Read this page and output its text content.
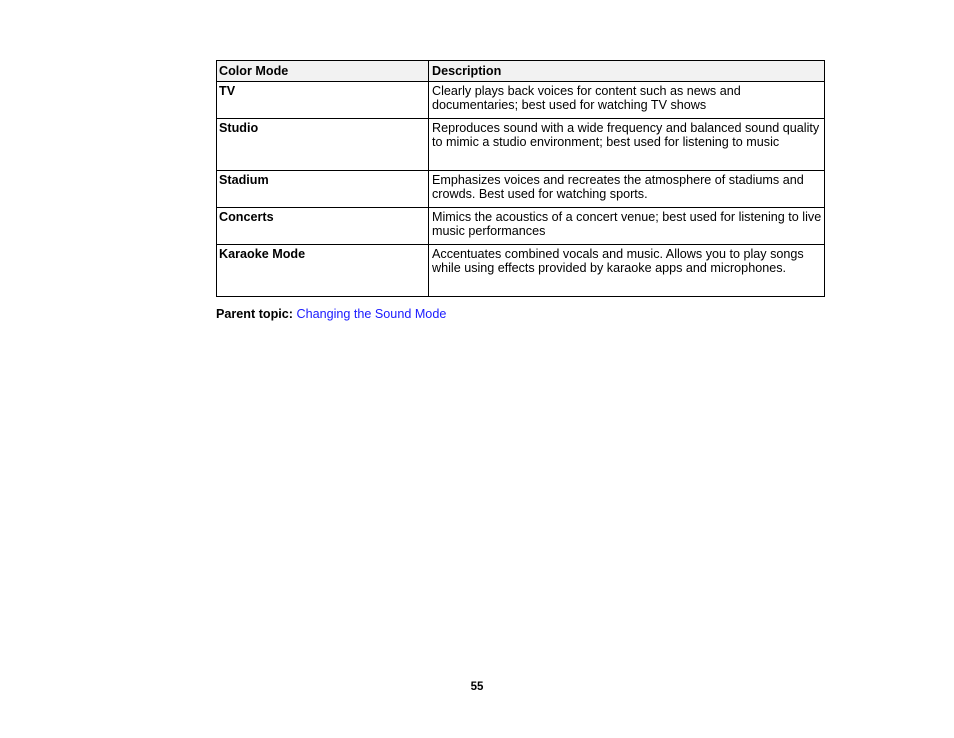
Color Mode	Description
TV	Clearly plays back voices for content such as news and documentaries; best used for watching TV shows
Studio	Reproduces sound with a wide frequency and balanced sound quality to mimic a studio environment; best used for listening to music
Stadium	Emphasizes voices and recreates the atmosphere of stadiums and crowds. Best used for watching sports.
Concerts	Mimics the acoustics of a concert venue; best used for listening to live music performances
Karaoke Mode	Accentuates combined vocals and music. Allows you to play songs while using effects provided by karaoke apps and microphones.
Parent topic: Changing the Sound Mode
55
